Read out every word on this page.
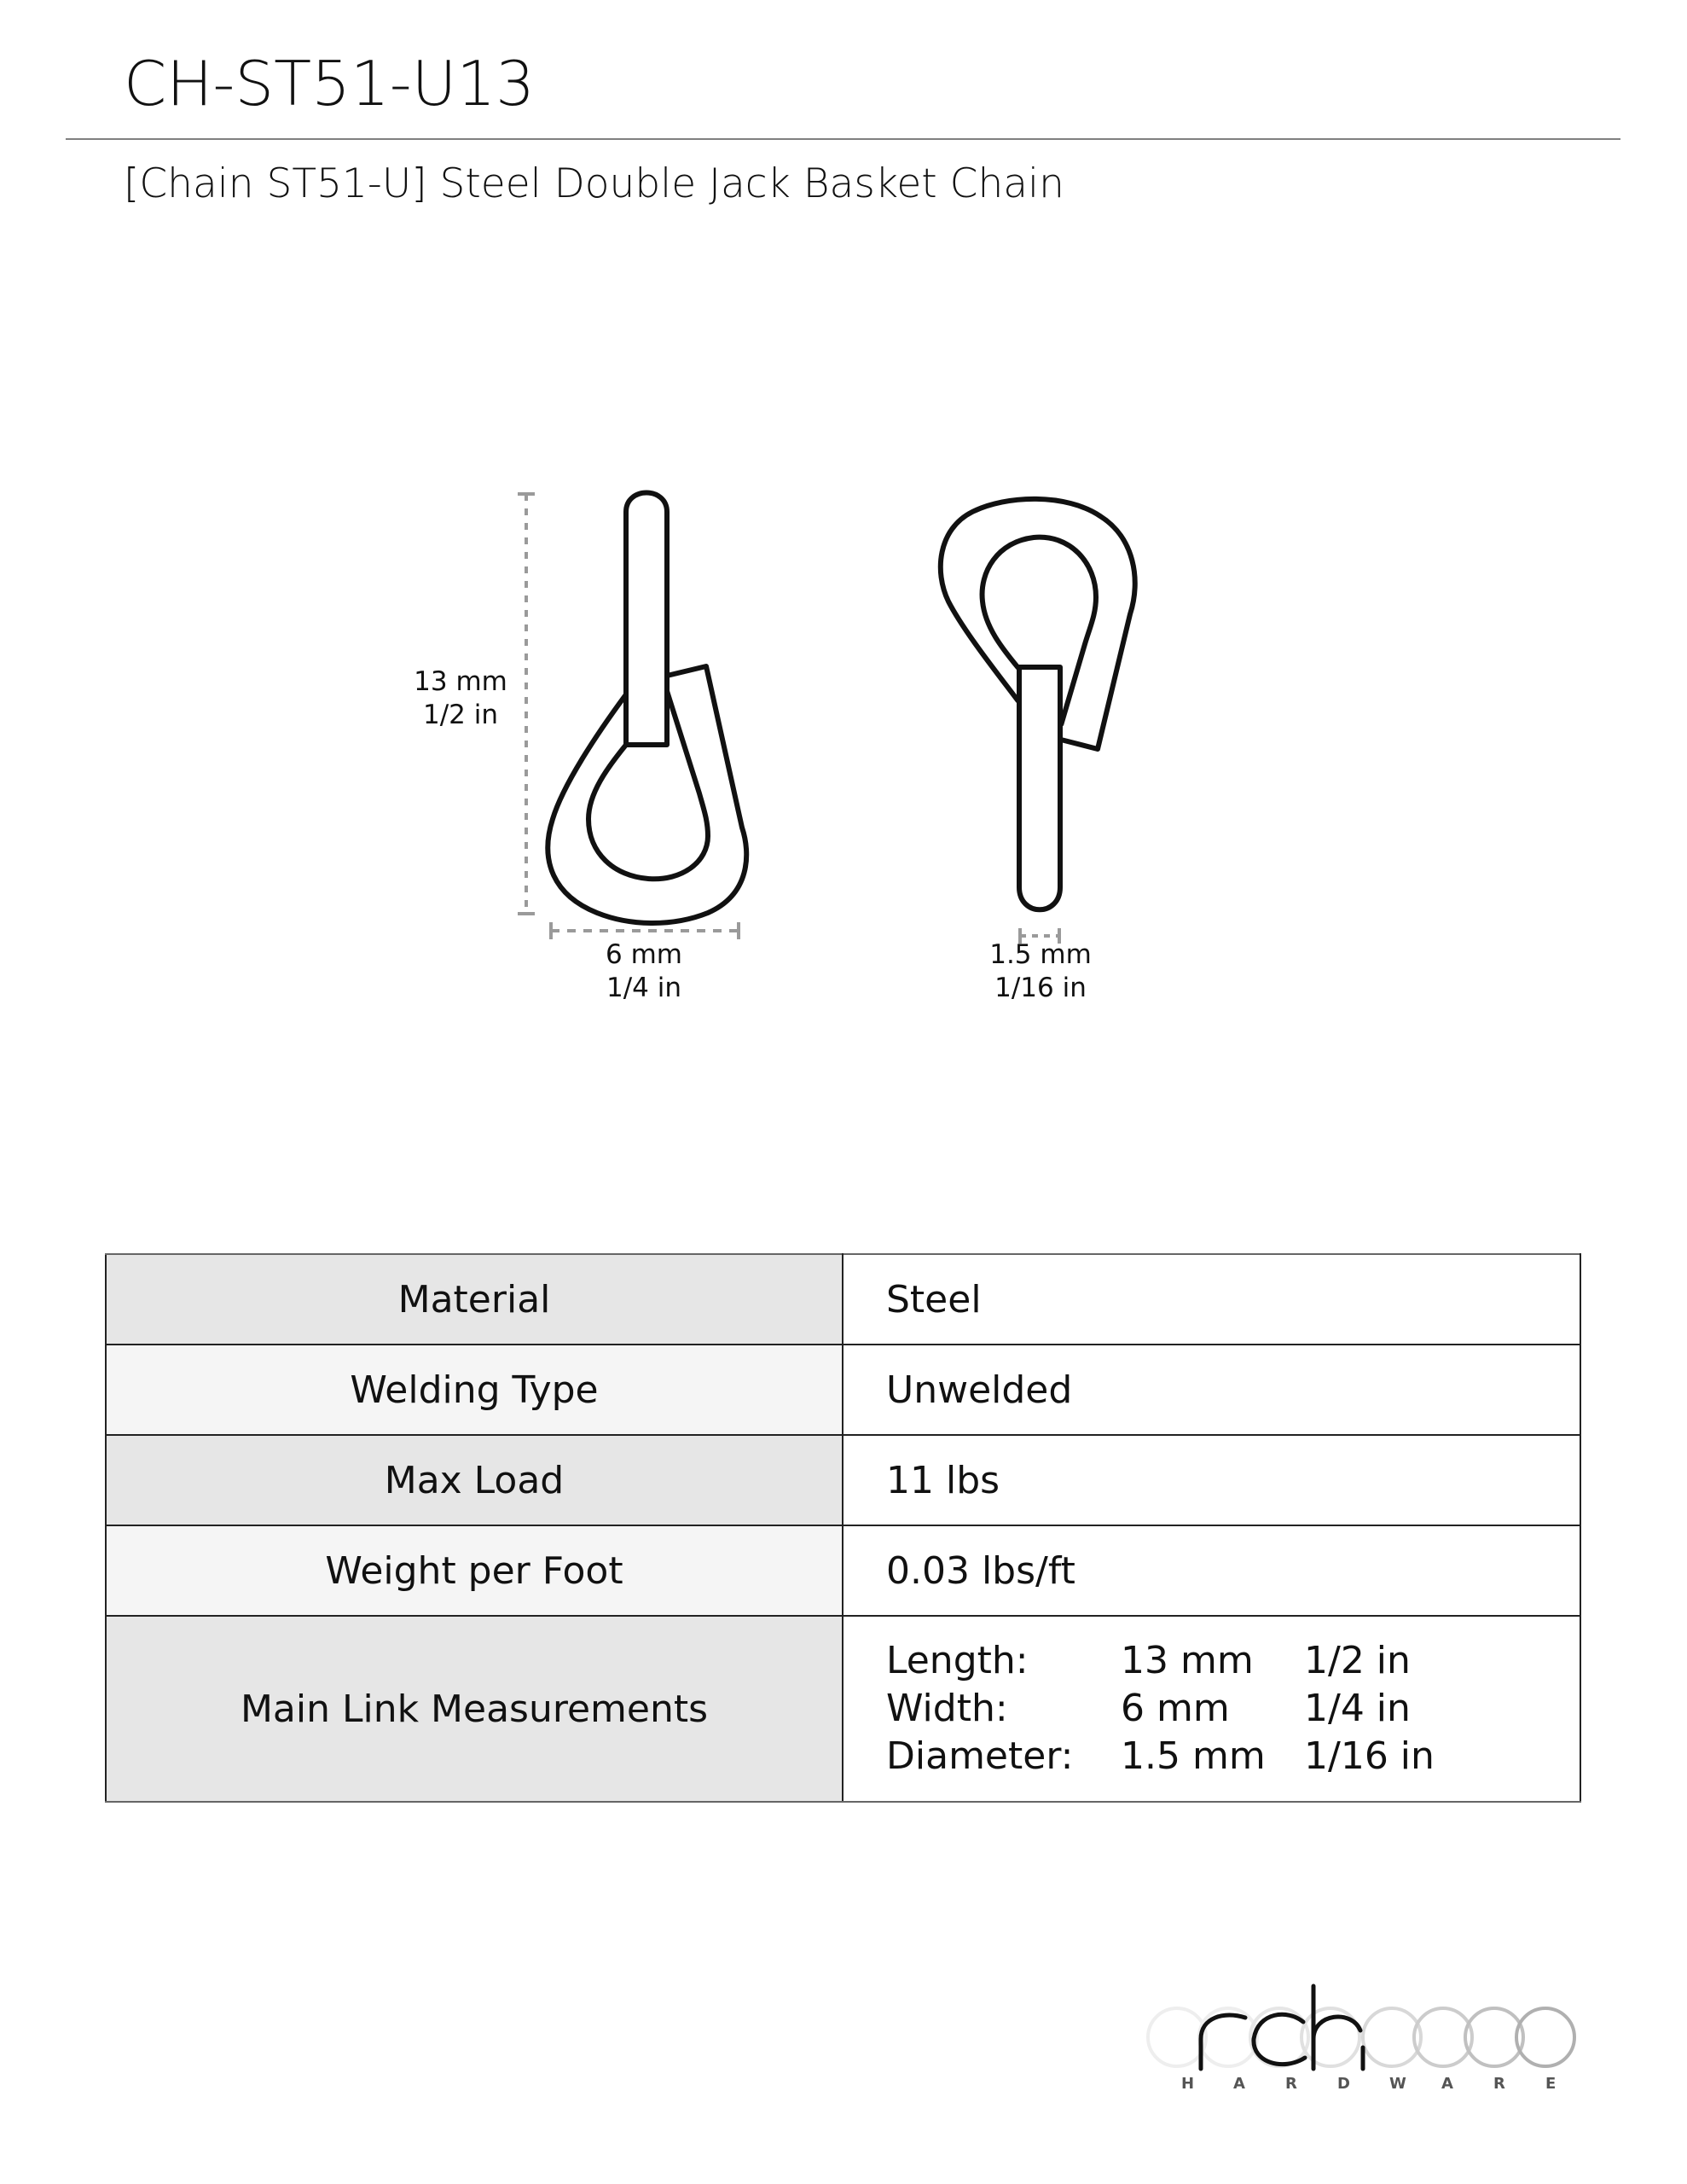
CH-ST51-U13
[Chain ST51-U] Steel Double Jack Basket Chain
13 mm
1/2 in
6 mm
1/4 in
1.5 mm
1/16 in
Material	Steel
Welding Type	Unwelded
Max Load	11 lbs
Weight per Foot	0.03 lbs/ft
Main Link Measurements	
Length:	13 mm	1/2 in
Width:	6 mm	1/4 in
Diameter:	1.5 mm	1/16 in
H	A	R	D	W A	R	E
